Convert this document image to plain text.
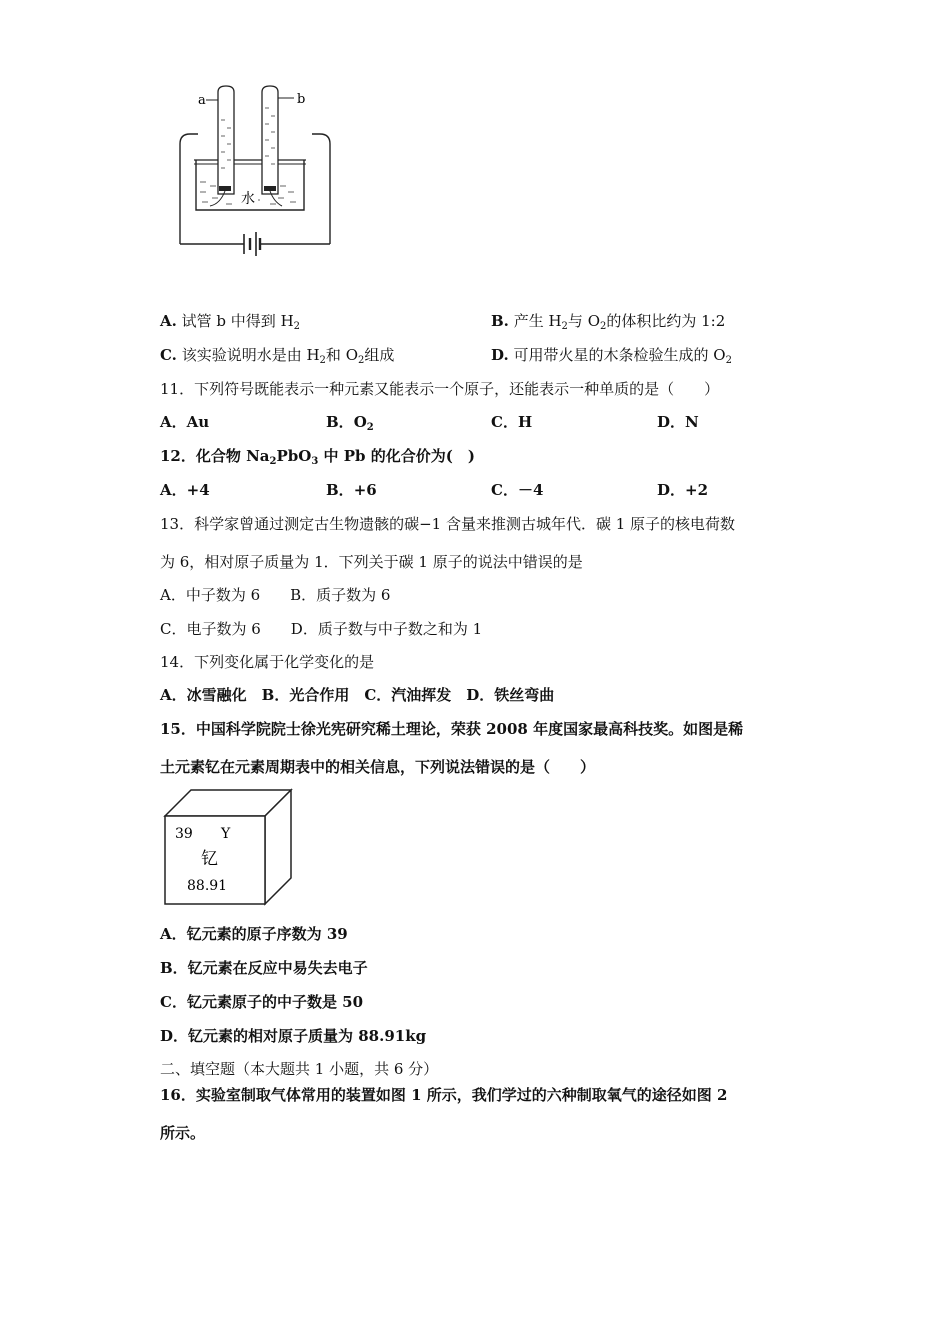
a	b
水
A. 试管 b 中得到 $H_2$	B. 产生 $H_2$与 $O_2$的体积比约为 1:2
C. 该实验说明水是由 $H_2$和 $O_2$组成	D. 可用带火星的木条检验生成的 $O_2$
11．下列符号既能表示一种元素又能表示一个原子，还能表示一种单质的是（　　）
A．Au	B．$O_2$	C．H	D．N
12．化合物 $Na_2PbO_3$ 中 Pb 的化合价为(　)
A．+4	B．+6	C．－4	D．+2
13．科学家曾通过测定古生物遗骸的碳−1 含量来推测古城年代．碳 1 原子的核电荷数
为 6，相对原子质量为 1．下列关于碳 1 原子的说法中错误的是
A．中子数为 6　　B．质子数为 6
C．电子数为 6　　D．质子数与中子数之和为 1
14．下列变化属于化学变化的是
A．冰雪融化　B．光合作用　C．汽油挥发　D．铁丝弯曲
15．中国科学院院士徐光宪研究稀土理论，荣获 2008 年度国家最高科技奖。如图是稀
土元素钇在元素周期表中的相关信息，下列说法错误的是（　　）
39 Y
钇
88.91
A．钇元素的原子序数为 39
B．钇元素在反应中易失去电子
C．钇元素原子的中子数是 50
D．钇元素的相对原子质量为 88.91kg
二、填空题（本大题共 1 小题，共 6 分）
16．实验室制取气体常用的装置如图 1 所示，我们学过的六种制取氧气的途径如图 2
所示。
